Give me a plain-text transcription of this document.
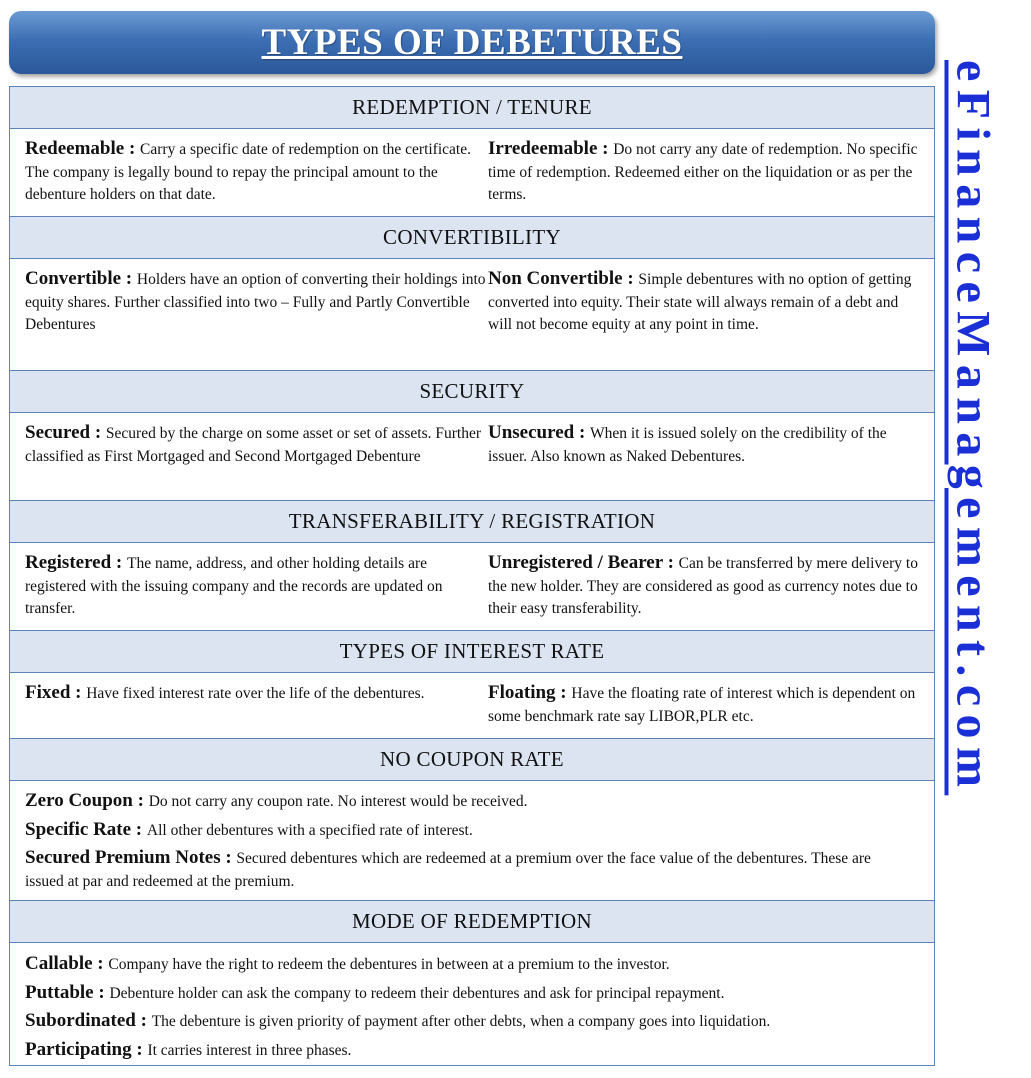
TYPES OF DEBETURES
REDEMPTION / TENURE
Redeemable : Carry a specific date of redemption on the certificate. The company is legally bound to repay the principal amount to the debenture holders on that date.
Irredeemable : Do not carry any date of redemption. No specific time of redemption. Redeemed either on the liquidation or as per the terms.
CONVERTIBILITY
Convertible : Holders have an option of converting their holdings into equity shares. Further classified into two – Fully and Partly Convertible Debentures
Non Convertible : Simple debentures with no option of getting converted into equity. Their state will always remain of a debt and will not become equity at any point in time.
SECURITY
Secured : Secured by the charge on some asset or set of assets. Further classified as First Mortgaged and Second Mortgaged Debenture
Unsecured : When it is issued solely on the credibility of the issuer. Also known as Naked Debentures.
TRANSFERABILITY / REGISTRATION
Registered : The name, address, and other holding details are registered with the issuing company and the records are updated on transfer.
Unregistered / Bearer : Can be transferred by mere delivery to the new holder. They are considered as good as currency notes due to their easy transferability.
TYPES OF INTEREST RATE
Fixed : Have fixed interest rate over the life of the debentures.	Floating : Have the floating rate of interest which is dependent on some benchmark rate say LIBOR,PLR etc.
NO COUPON RATE
Zero Coupon : Do not carry any coupon rate. No interest would be received.
Specific Rate : All other debentures with a specified rate of interest.
Secured Premium Notes : Secured debentures which are redeemed at a premium over the face value of the debentures. These are issued at par and redeemed at the premium.
MODE OF REDEMPTION
Callable : Company have the right to redeem the debentures in between at a premium to the investor.
Puttable : Debenture holder can ask the company to redeem their debentures and ask for principal repayment.
Subordinated : The debenture is given priority of payment after other debts, when a company goes into liquidation.
Participating : It carries interest in three phases.
eFinanceManagement.com
